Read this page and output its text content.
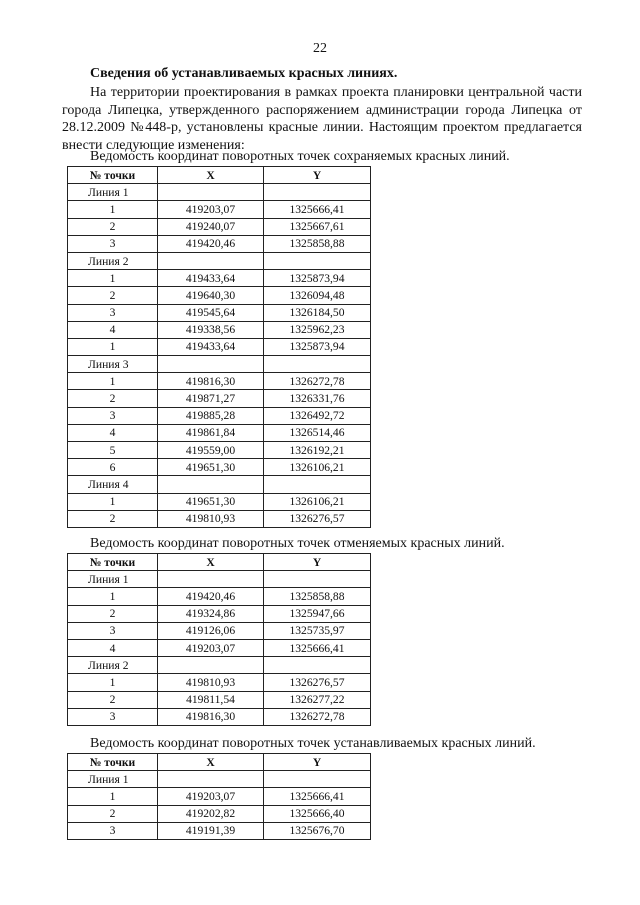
22
Сведения об устанавливаемых красных линиях.
На территории проектирования в рамках проекта планировки центральной части города Липецка, утвержденного распоряжением администрации города Липецка от 28.12.2009 №448-р, установлены красные линии. Настоящим проектом предлагается внести следующие изменения:
Ведомость координат поворотных точек сохраняемых красных линий.
№ точки	X	Y
Линия 1		
1	419203,07	1325666,41
2	419240,07	1325667,61
3	419420,46	1325858,88
Линия 2		
1	419433,64	1325873,94
2	419640,30	1326094,48
3	419545,64	1326184,50
4	419338,56	1325962,23
1	419433,64	1325873,94
Линия 3		
1	419816,30	1326272,78
2	419871,27	1326331,76
3	419885,28	1326492,72
4	419861,84	1326514,46
5	419559,00	1326192,21
6	419651,30	1326106,21
Линия 4		
1	419651,30	1326106,21
2	419810,93	1326276,57
Ведомость координат поворотных точек отменяемых красных линий.
№ точки	X	Y
Линия 1		
1	419420,46	1325858,88
2	419324,86	1325947,66
3	419126,06	1325735,97
4	419203,07	1325666,41
Линия 2		
1	419810,93	1326276,57
2	419811,54	1326277,22
3	419816,30	1326272,78
Ведомость координат поворотных точек устанавливаемых красных линий.
№ точки	X	Y
Линия 1		
1	419203,07	1325666,41
2	419202,82	1325666,40
3	419191,39	1325676,70
